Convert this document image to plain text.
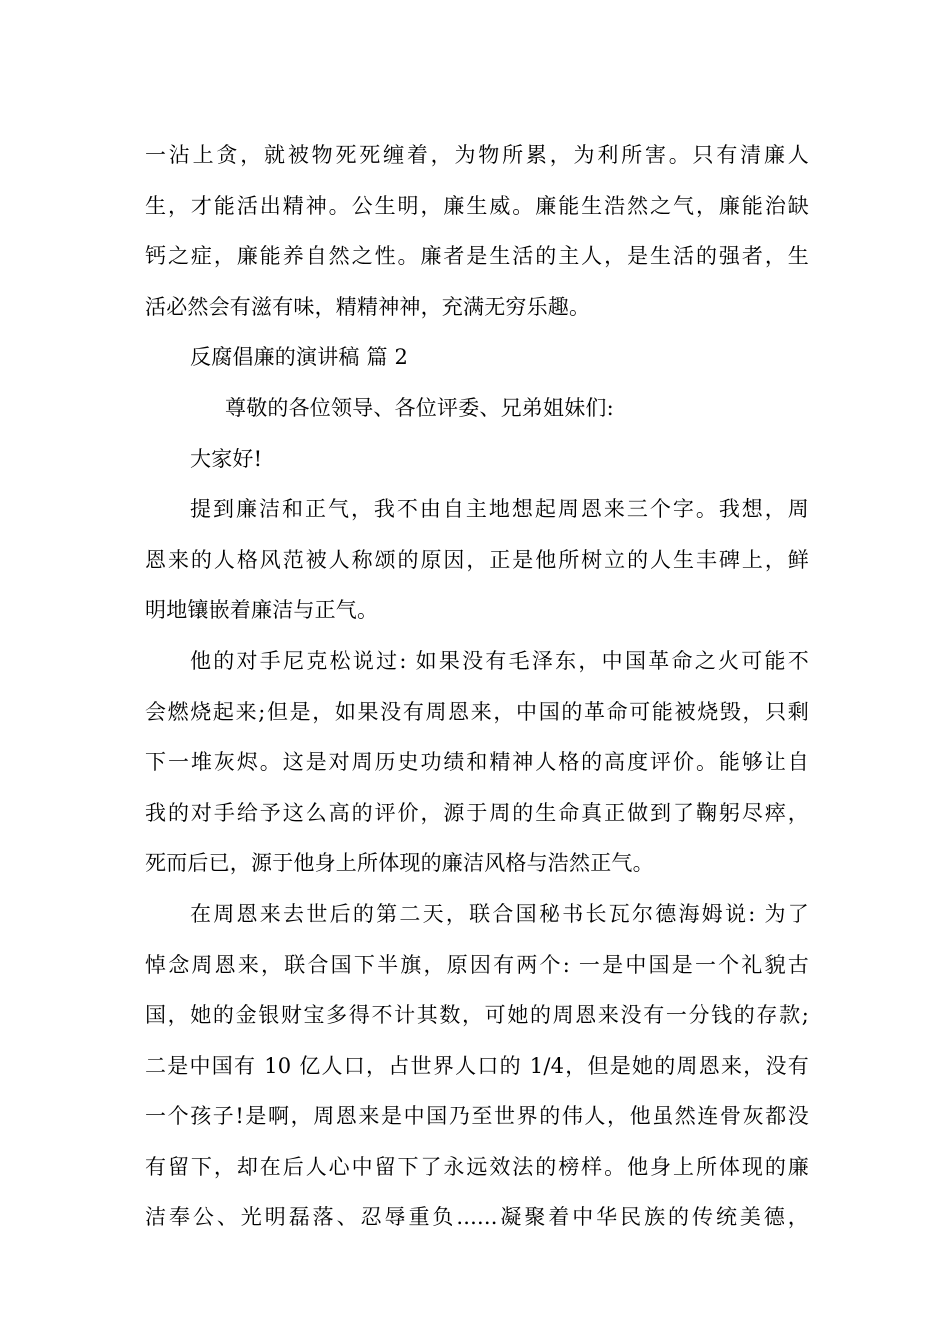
一沾上贪，就被物死死缠着，为物所累，为利所害。只有清廉人
生，才能活出精神。公生明，廉生威。廉能生浩然之气，廉能治缺
钙之症，廉能养自然之性。廉者是生活的主人，是生活的强者，生
活必然会有滋有味，精精神神，充满无穷乐趣。
反腐倡廉的演讲稿 篇 2
尊敬的各位领导、各位评委、兄弟姐妹们:
大家好!
提到廉洁和正气，我不由自主地想起周恩来三个字。我想，周
恩来的人格风范被人称颂的原因，正是他所树立的人生丰碑上，鲜
明地镶嵌着廉洁与正气。
他的对手尼克松说过: 如果没有毛泽东，中国革命之火可能不
会燃烧起来;但是，如果没有周恩来，中国的革命可能被烧毁，只剩
下一堆灰烬。这是对周历史功绩和精神人格的高度评价。能够让自
我的对手给予这么高的评价，源于周的生命真正做到了鞠躬尽瘁，
死而后已，源于他身上所体现的廉洁风格与浩然正气。
在周恩来去世后的第二天，联合国秘书长瓦尔德海姆说: 为了
悼念周恩来，联合国下半旗，原因有两个: 一是中国是一个礼貌古
国，她的金银财宝多得不计其数，可她的周恩来没有一分钱的存款;
二是中国有 10 亿人口，占世界人口的 1/4，但是她的周恩来，没有
一个孩子!是啊，周恩来是中国乃至世界的伟人，他虽然连骨灰都没
有留下，却在后人心中留下了永远效法的榜样。他身上所体现的廉
洁奉公、光明磊落、忍辱重负......凝聚着中华民族的传统美德，
